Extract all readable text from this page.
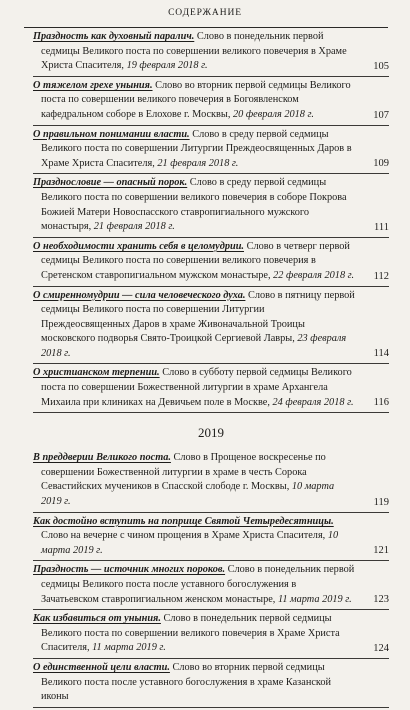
СОДЕРЖАНИЕ
Праздность как духовный паралич. Слово в понедельник первой седмицы Великого поста по совершении великого повечерия в Храме Христа Спасителя, 19 февраля 2018 г.	105
О тяжелом грехе уныния. Слово во вторник первой седмицы Великого поста по совершении великого повечерия в Богоявленском кафедральном соборе в Елохове г. Москвы, 20 февраля 2018 г.	107
О правильном понимании власти. Слово в среду первой седмицы Великого поста по совершении Литургии Преждеосвященных Даров в Храме Христа Спасителя, 21 февраля 2018 г.	109
Празднословие — опасный порок. Слово в среду первой седмицы Великого поста по совершении великого повечерия в соборе Покрова Божией Матери Новоспасского ставропигиального мужского монастыря, 21 февраля 2018 г.	111
О необходимости хранить себя в целомудрии. Слово в четверг первой седмицы Великого поста по совершении великого повечерия в Сретенском ставропигиальном мужском монастыре, 22 февраля 2018 г.	112
О смиренномудрии — сила человеческого духа. Слово в пятницу первой седмицы Великого поста по совершении Литургии Преждеосвященных Даров в храме Живоначальной Троицы московского подворья Свято-Троицкой Сергиевой Лавры, 23 февраля 2018 г.	114
О христианском терпении. Слово в субботу первой седмицы Великого поста по совершении Божественной литургии в храме Архангела Михаила при клиниках на Девичьем поле в Москве, 24 февраля 2018 г.	116
2019
В преддверии Великого поста. Слово в Прощеное воскресенье по совершении Божественной литургии в храме в честь Сорока Севастийских мучеников в Спасской слободе г. Москвы, 10 марта 2019 г.	119
Как достойно вступить на поприще Святой Четыредесятницы. Слово на вечерне с чином прощения в Храме Христа Спасителя, 10 марта 2019 г.	121
Праздность — источник многих пороков. Слово в понедельник первой седмицы Великого поста после уставного богослужения в Зачатьевском ставропигиальном женском монастыре, 11 марта 2019 г.	123
Как избавиться от уныния. Слово в понедельник первой седмицы Великого поста по совершении великого повечерия в Храме Христа Спасителя, 11 марта 2019 г.	124
О единственной цели власти. Слово во вторник первой седмицы Великого поста после уставного богослужения в храме Казанской иконы
